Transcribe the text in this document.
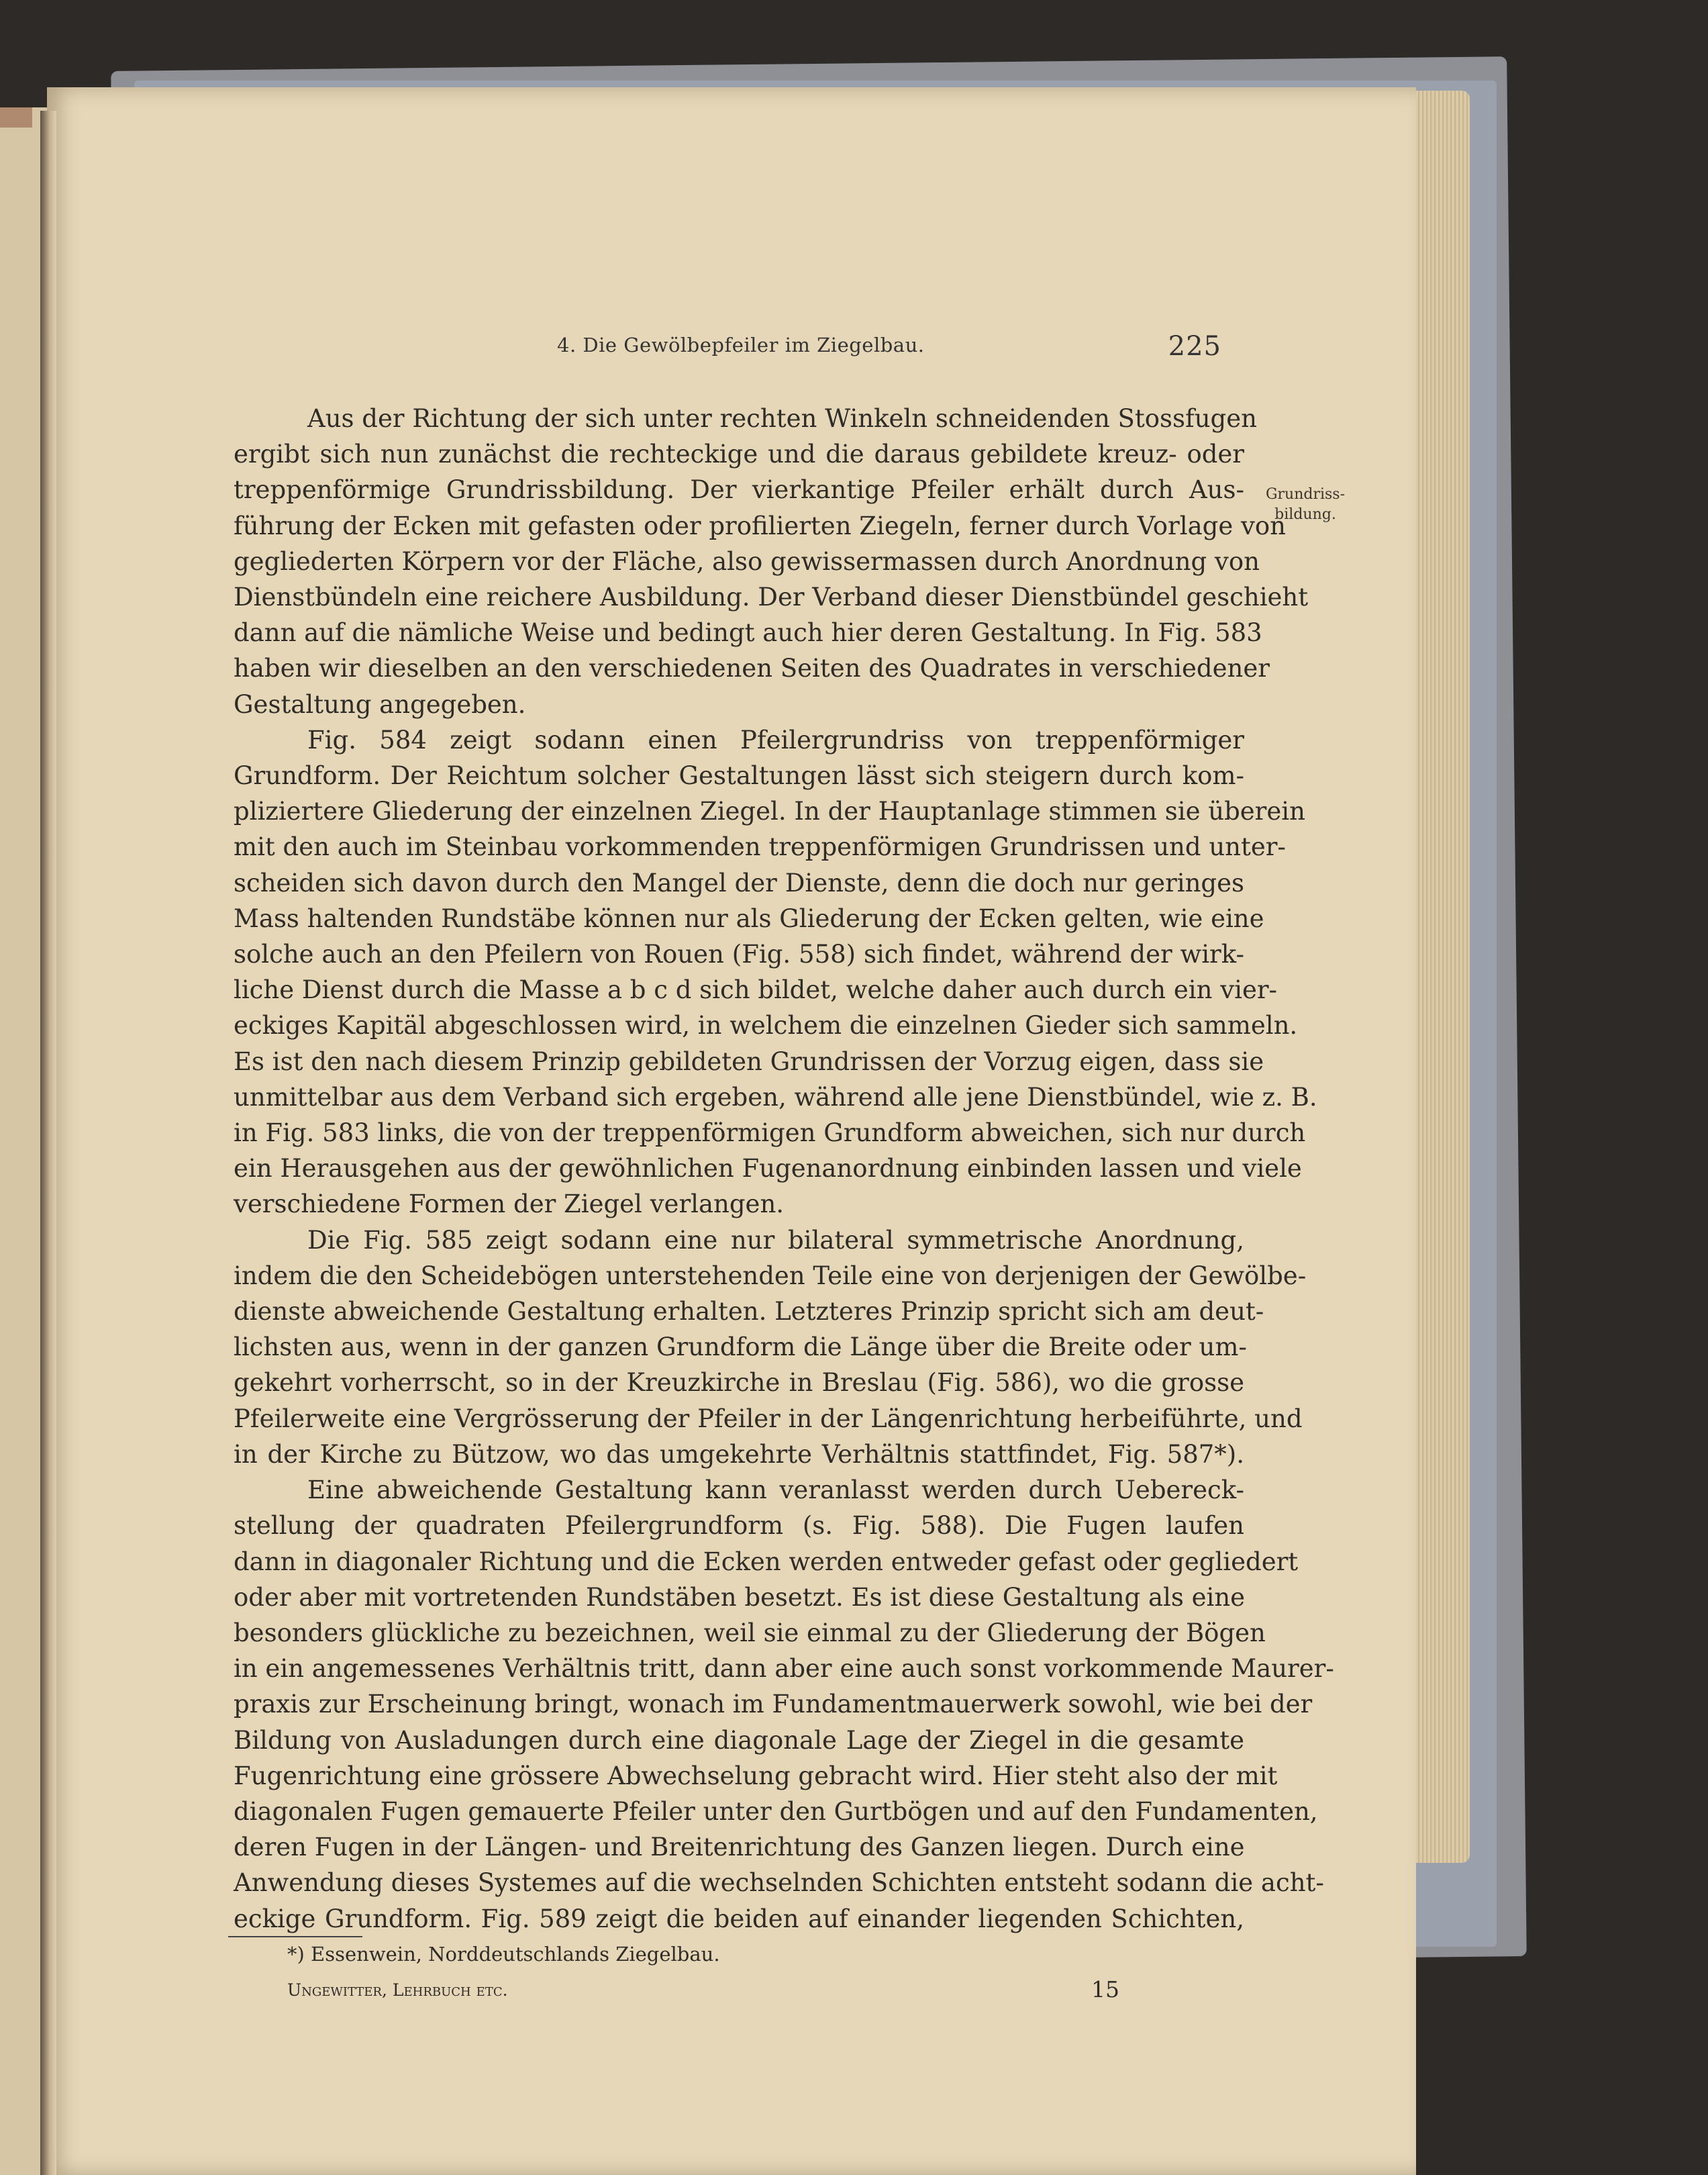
4. Die Gewölbepfeiler im Ziegelbau.	225
Grundriss-
bildung.

Aus der Richtung der sich unter rechten Winkeln schneidenden Stossfugen
ergibt sich nun zunächst die rechteckige und die daraus gebildete kreuz- oder
treppenförmige Grundrissbildung. Der vierkantige Pfeiler erhält durch Aus-
führung der Ecken mit gefasten oder profilierten Ziegeln, ferner durch Vorlage von
gegliederten Körpern vor der Fläche, also gewissermassen durch Anordnung von
Dienstbündeln eine reichere Ausbildung. Der Verband dieser Dienstbündel geschieht
dann auf die nämliche Weise und bedingt auch hier deren Gestaltung. In Fig. 583
haben wir dieselben an den verschiedenen Seiten des Quadrates in verschiedener
Gestaltung angegeben.

Fig. 584 zeigt sodann einen Pfeilergrundriss von treppenförmiger
Grundform. Der Reichtum solcher Gestaltungen lässt sich steigern durch kom-
pliziertere Gliederung der einzelnen Ziegel. In der Hauptanlage stimmen sie überein
mit den auch im Steinbau vorkommenden treppenförmigen Grundrissen und unter-
scheiden sich davon durch den Mangel der Dienste, denn die doch nur geringes
Mass haltenden Rundstäbe können nur als Gliederung der Ecken gelten, wie eine
solche auch an den Pfeilern von Rouen (Fig. 558) sich findet, während der wirk-
liche Dienst durch die Masse a b c d sich bildet, welche daher auch durch ein vier-
eckiges Kapitäl abgeschlossen wird, in welchem die einzelnen Gieder sich sammeln.
Es ist den nach diesem Prinzip gebildeten Grundrissen der Vorzug eigen, dass sie
unmittelbar aus dem Verband sich ergeben, während alle jene Dienstbündel, wie z. B.
in Fig. 583 links, die von der treppenförmigen Grundform abweichen, sich nur durch
ein Herausgehen aus der gewöhnlichen Fugenanordnung einbinden lassen und viele
verschiedene Formen der Ziegel verlangen.

Die Fig. 585 zeigt sodann eine nur bilateral symmetrische Anordnung,
indem die den Scheidebögen unterstehenden Teile eine von derjenigen der Gewölbe-
dienste abweichende Gestaltung erhalten. Letzteres Prinzip spricht sich am deut-
lichsten aus, wenn in der ganzen Grundform die Länge über die Breite oder um-
gekehrt vorherrscht, so in der Kreuzkirche in Breslau (Fig. 586), wo die grosse
Pfeilerweite eine Vergrösserung der Pfeiler in der Längenrichtung herbeiführte, und
in der Kirche zu Bützow, wo das umgekehrte Verhältnis stattfindet, Fig. 587*).

Eine abweichende Gestaltung kann veranlasst werden durch Uebereck-
stellung der quadraten Pfeilergrundform (s. Fig. 588). Die Fugen laufen
dann in diagonaler Richtung und die Ecken werden entweder gefast oder gegliedert
oder aber mit vortretenden Rundstäben besetzt. Es ist diese Gestaltung als eine
besonders glückliche zu bezeichnen, weil sie einmal zu der Gliederung der Bögen
in ein angemessenes Verhältnis tritt, dann aber eine auch sonst vorkommende Maurer-
praxis zur Erscheinung bringt, wonach im Fundamentmauerwerk sowohl, wie bei der
Bildung von Ausladungen durch eine diagonale Lage der Ziegel in die gesamte
Fugenrichtung eine grössere Abwechselung gebracht wird. Hier steht also der mit
diagonalen Fugen gemauerte Pfeiler unter den Gurtbögen und auf den Fundamenten,
deren Fugen in der Längen- und Breitenrichtung des Ganzen liegen. Durch eine
Anwendung dieses Systemes auf die wechselnden Schichten entsteht sodann die acht-
eckige Grundform. Fig. 589 zeigt die beiden auf einander liegenden Schichten,

*) Essenwein, Norddeutschlands Ziegelbau.
Ungewitter, Lehrbuch etc.	15
